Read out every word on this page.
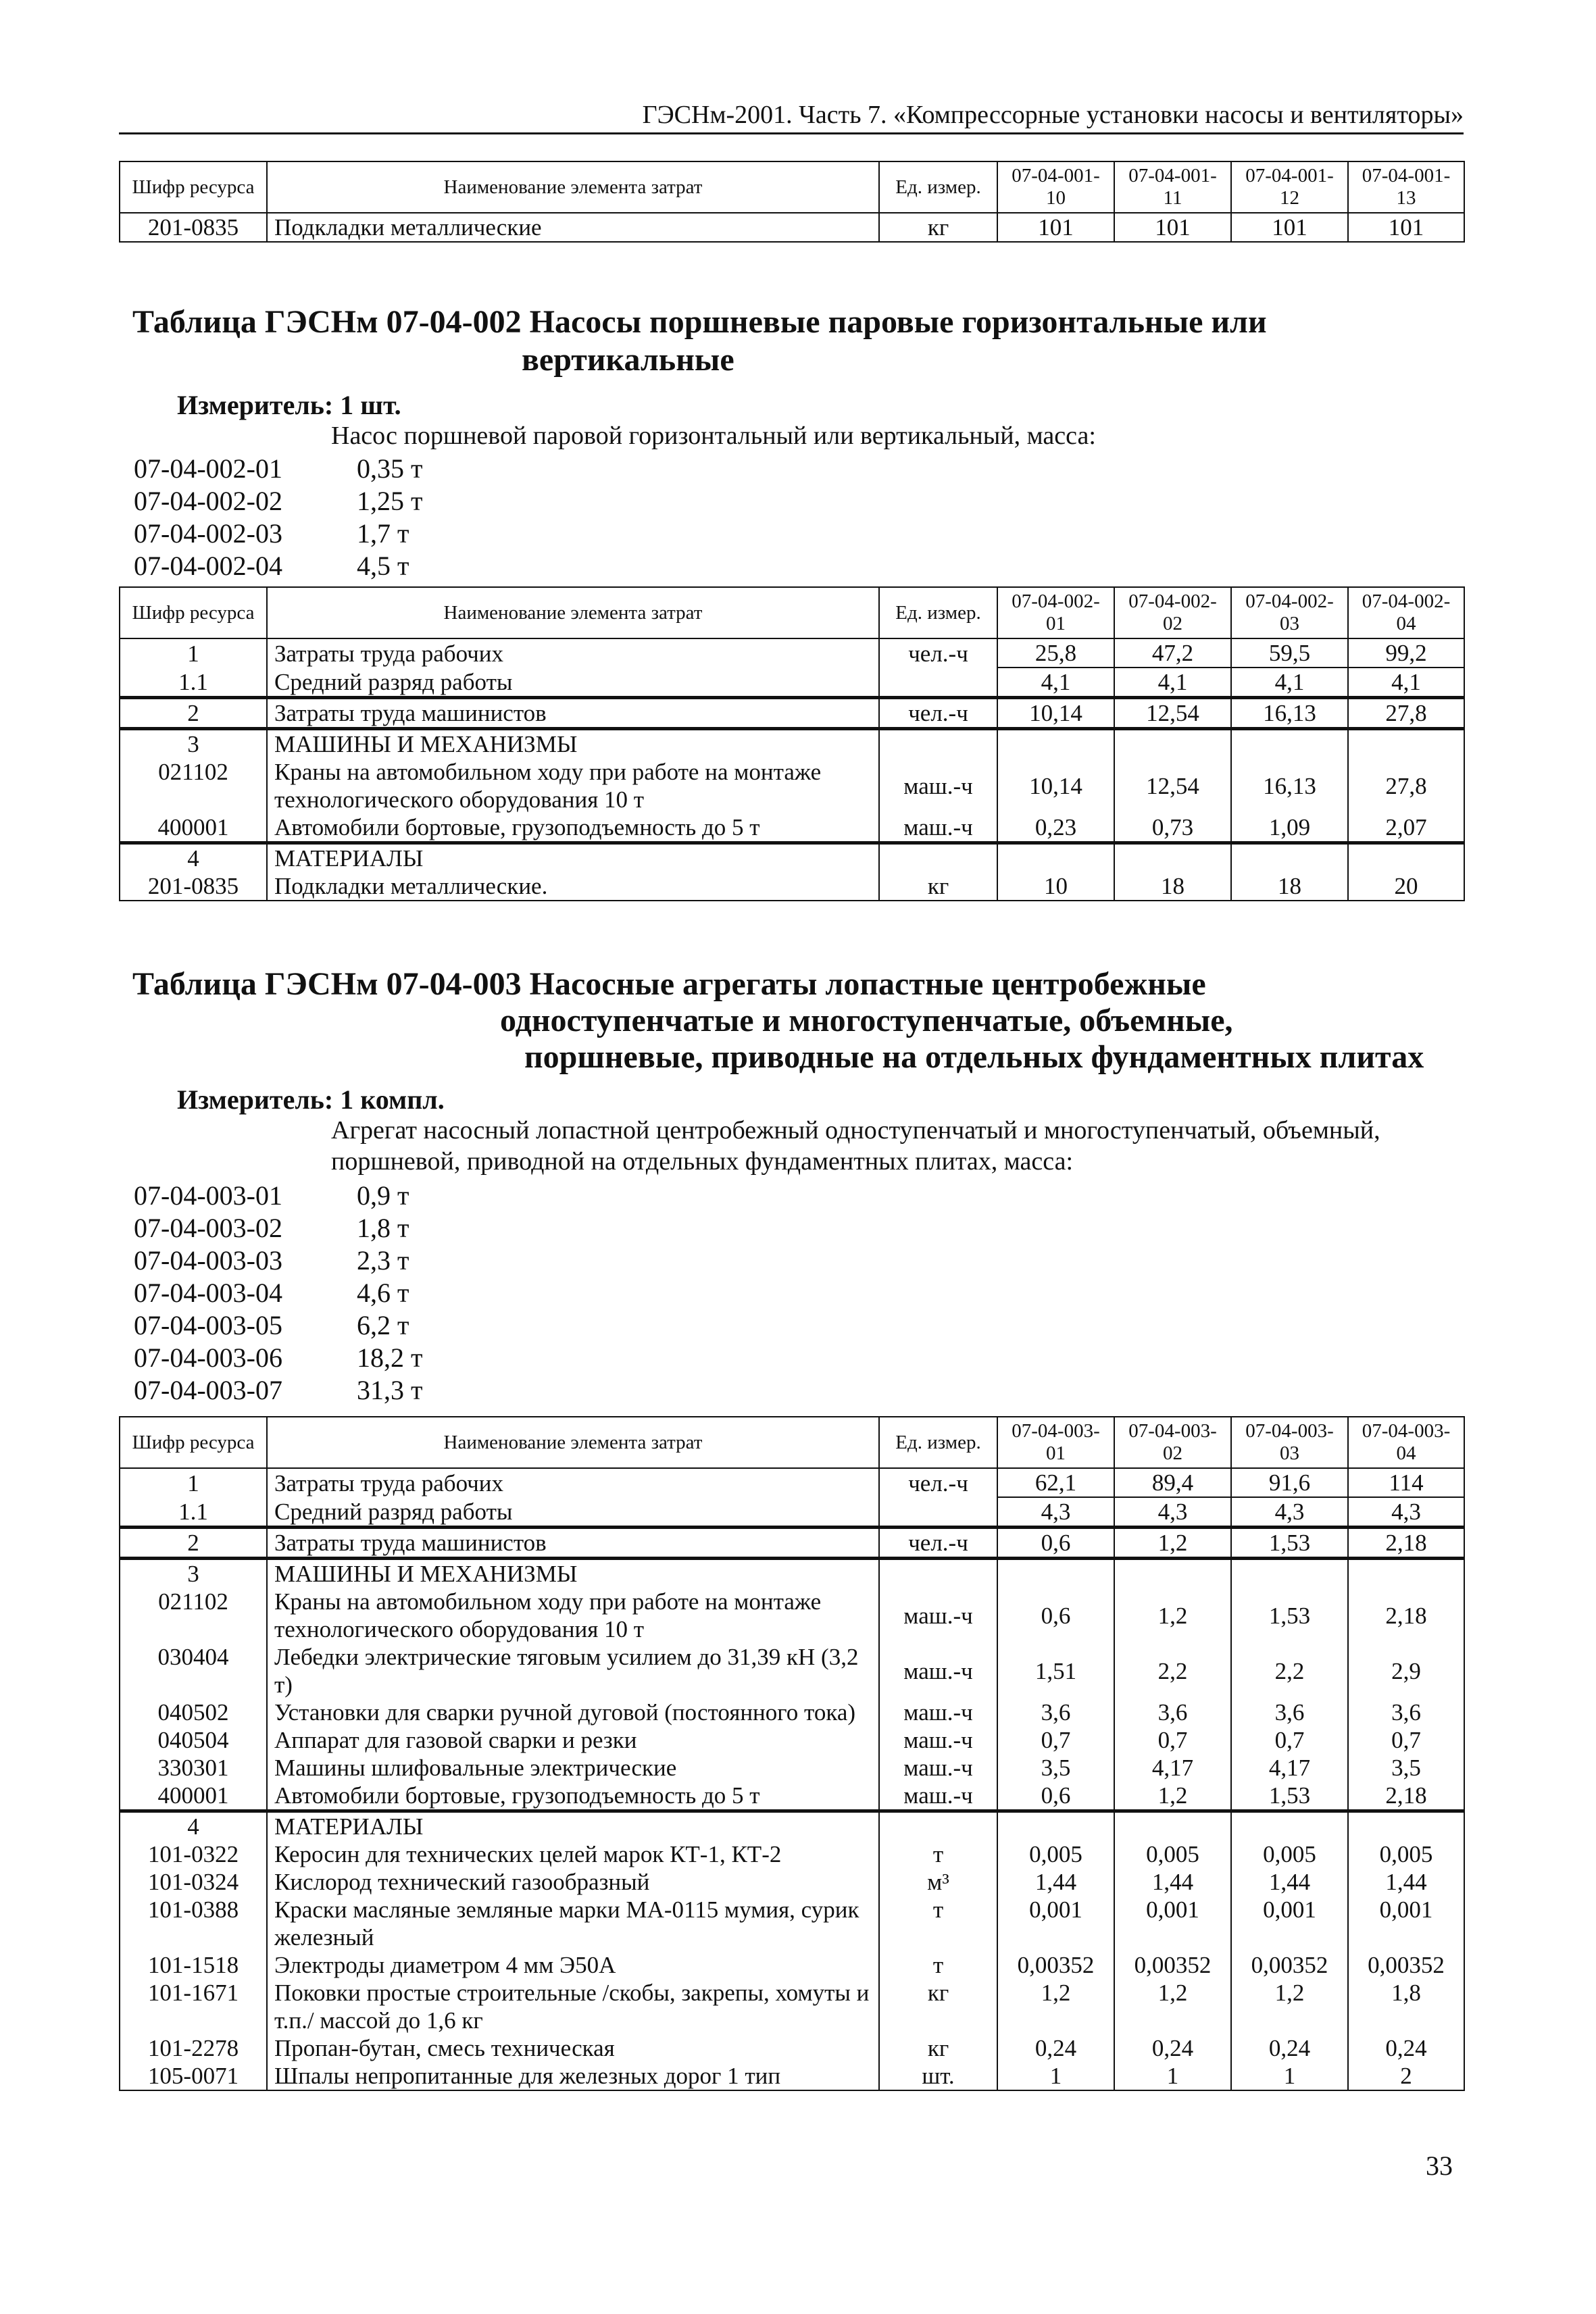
ГЭСНм-2001. Часть 7. «Компрессорные установки насосы и вентиляторы»
Шифр ресурса	Наименование элемента затрат	Ед. измер.	07-04-001-10	07-04-001-11	07-04-001-12	07-04-001-13
201-0835	Подкладки металлические	кг	101	101	101	101
Таблица ГЭСНм 07-04-002 Насосы поршневые паровые горизонтальные или
вертикальные
Измеритель: 1 шт.
Насос поршневой паровой горизонтальный или вертикальный, масса:
07-04-002-01	0,35 т
07-04-002-02	1,25 т
07-04-002-03	1,7 т
07-04-002-04	4,5 т
Шифр ресурса	Наименование элемента затрат	Ед. измер.	07-04-002-01	07-04-002-02	07-04-002-03	07-04-002-04
1	Затраты труда рабочих	чел.-ч	25,8	47,2	59,5	99,2
1.1	Средний разряд работы		4,1	4,1	4,1	4,1
2	Затраты труда машинистов	чел.-ч	10,14	12,54	16,13	27,8
3	МАШИНЫ И МЕХАНИЗМЫ					
021102	Краны на автомобильном ходу при работе на монтаже технологического оборудования 10 т	маш.-ч	10,14	12,54	16,13	27,8
400001	Автомобили бортовые, грузоподъемность до 5 т	маш.-ч	0,23	0,73	1,09	2,07
4	МАТЕРИАЛЫ					
201-0835	Подкладки металлические.	кг	10	18	18	20
Таблица ГЭСНм 07-04-003 Насосные агрегаты лопастные центробежные
одноступенчатые и многоступенчатые, объемные,
поршневые, приводные на отдельных фундаментных плитах
Измеритель: 1 компл.
Агрегат насосный лопастной центробежный одноступенчатый и многоступенчатый, объемный, поршневой, приводной на отдельных фундаментных плитах, масса:
07-04-003-01	0,9 т
07-04-003-02	1,8 т
07-04-003-03	2,3 т
07-04-003-04	4,6 т
07-04-003-05	6,2 т
07-04-003-06	18,2 т
07-04-003-07	31,3 т
Шифр ресурса	Наименование элемента затрат	Ед. измер.	07-04-003-01	07-04-003-02	07-04-003-03	07-04-003-04
1	Затраты труда рабочих	чел.-ч	62,1	89,4	91,6	114
1.1	Средний разряд работы		4,3	4,3	4,3	4,3
2	Затраты труда машинистов	чел.-ч	0,6	1,2	1,53	2,18
3	МАШИНЫ И МЕХАНИЗМЫ					
021102	Краны на автомобильном ходу при работе на монтаже технологического оборудования 10 т	маш.-ч	0,6	1,2	1,53	2,18
030404	Лебедки электрические тяговым усилием до 31,39 кН (3,2 т)	маш.-ч	1,51	2,2	2,2	2,9
040502	Установки для сварки ручной дуговой (постоянного тока)	маш.-ч	3,6	3,6	3,6	3,6
040504	Аппарат для газовой сварки и резки	маш.-ч	0,7	0,7	0,7	0,7
330301	Машины шлифовальные электрические	маш.-ч	3,5	4,17	4,17	3,5
400001	Автомобили бортовые, грузоподъемность до 5 т	маш.-ч	0,6	1,2	1,53	2,18
4	МАТЕРИАЛЫ					
101-0322	Керосин для технических целей марок КТ-1, КТ-2	т	0,005	0,005	0,005	0,005
101-0324	Кислород технический газообразный	м³	1,44	1,44	1,44	1,44
101-0388	Краски масляные земляные марки МА-0115 мумия, сурик железный	т	0,001	0,001	0,001	0,001
101-1518	Электроды диаметром 4 мм Э50А	т	0,00352	0,00352	0,00352	0,00352
101-1671	Поковки простые строительные /скобы, закрепы, хомуты и т.п./ массой до 1,6 кг	кг	1,2	1,2	1,2	1,8
101-2278	Пропан-бутан, смесь техническая	кг	0,24	0,24	0,24	0,24
105-0071	Шпалы непропитанные для железных дорог 1 тип	шт.	1	1	1	2
33
